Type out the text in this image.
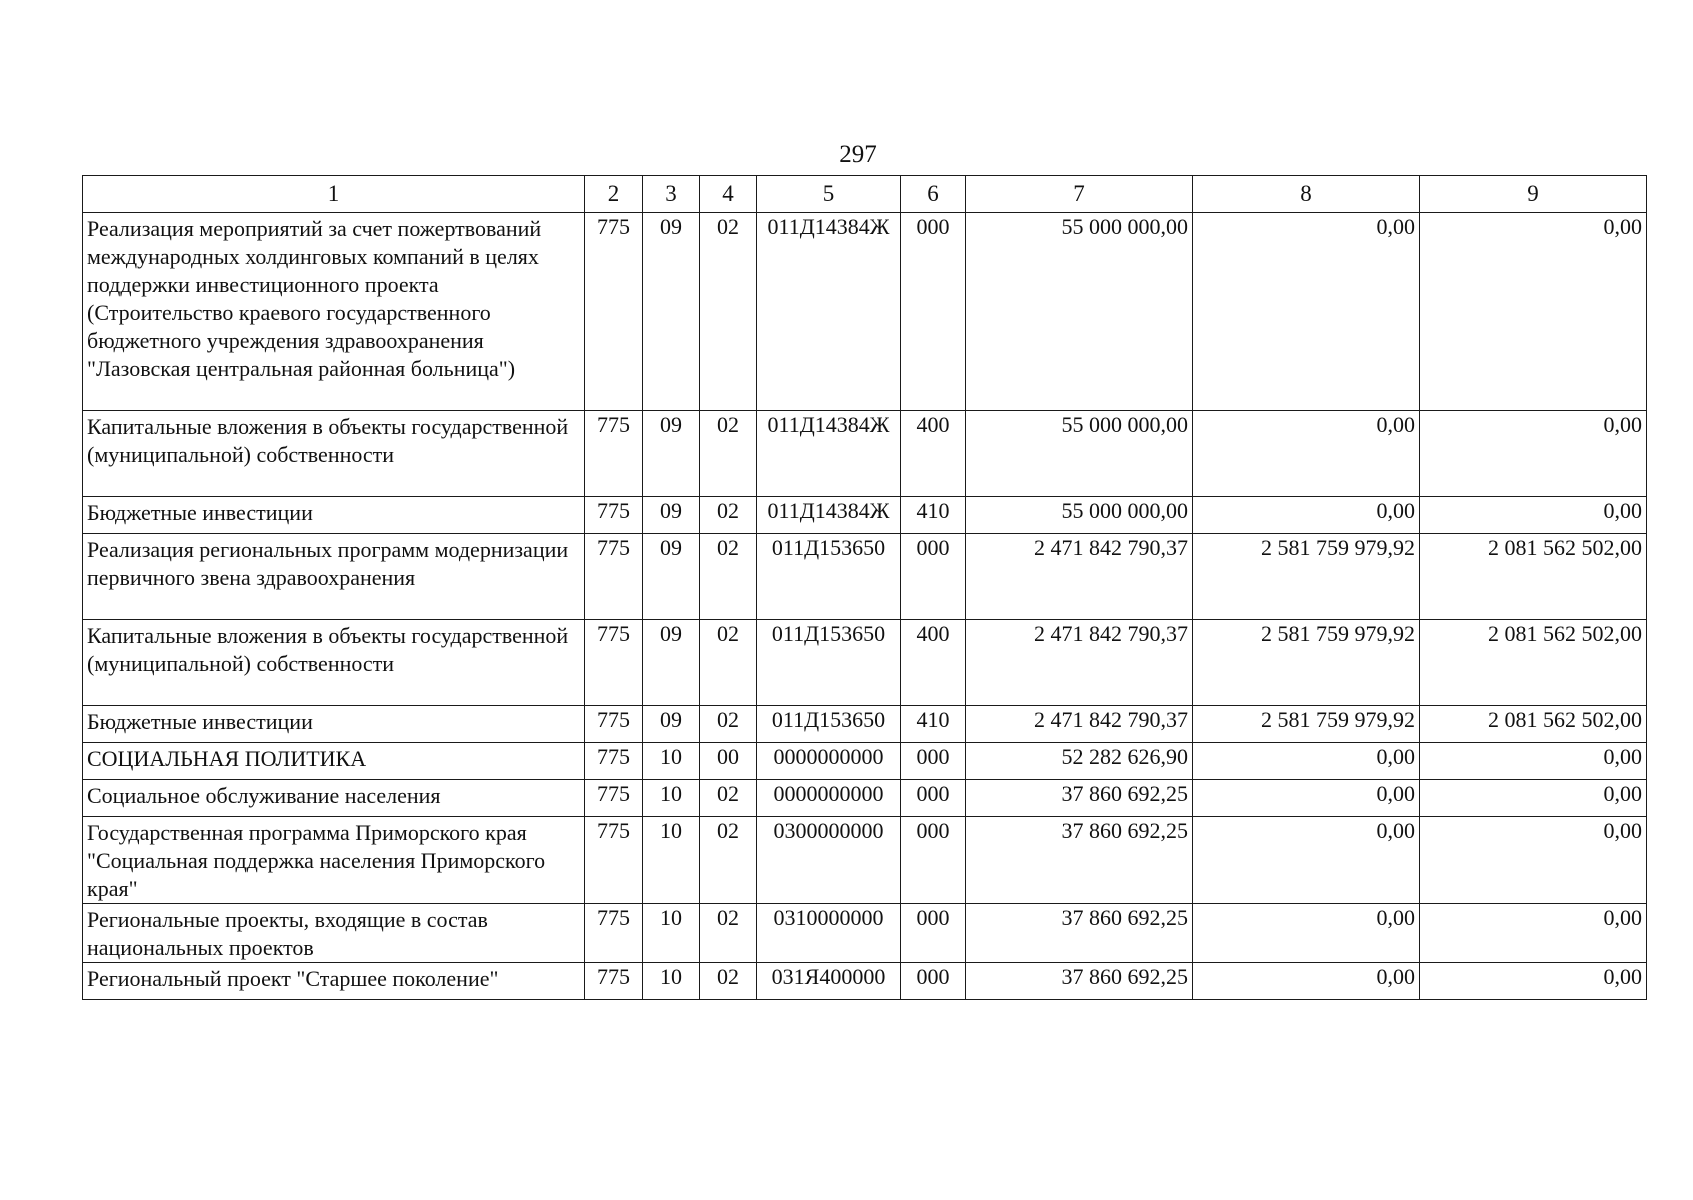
297
1	2	3	4	5	6	7	8	9

Реализация мероприятий за счет пожертвований международных холдинговых компаний в целях поддержки инвестиционного проекта (Строительство краевого государственного бюджетного учреждения здравоохранения "Лазовская центральная районная больница")	775	09	02	011Д14384Ж	000	55 000 000,00	0,00	0,00

Капитальные вложения в объекты государственной (муниципальной) собственности	775	09	02	011Д14384Ж	400	55 000 000,00	0,00	0,00

Бюджетные инвестиции	775	09	02	011Д14384Ж	410	55 000 000,00	0,00	0,00

Реализация региональных программ модернизации первичного звена здравоохранения	775	09	02	011Д153650	000	2 471 842 790,37	2 581 759 979,92	2 081 562 502,00

Капитальные вложения в объекты государственной (муниципальной) собственности	775	09	02	011Д153650	400	2 471 842 790,37	2 581 759 979,92	2 081 562 502,00

Бюджетные инвестиции	775	09	02	011Д153650	410	2 471 842 790,37	2 581 759 979,92	2 081 562 502,00

СОЦИАЛЬНАЯ ПОЛИТИКА	775	10	00	0000000000	000	52 282 626,90	0,00	0,00

Социальное обслуживание населения	775	10	02	0000000000	000	37 860 692,25	0,00	0,00

Государственная программа Приморского края "Социальная поддержка населения Приморского края"	775	10	02	0300000000	000	37 860 692,25	0,00	0,00

Региональные проекты, входящие в состав национальных проектов	775	10	02	0310000000	000	37 860 692,25	0,00	0,00

Региональный проект "Старшее поколение"	775	10	02	031Я400000	000	37 860 692,25	0,00	0,00
